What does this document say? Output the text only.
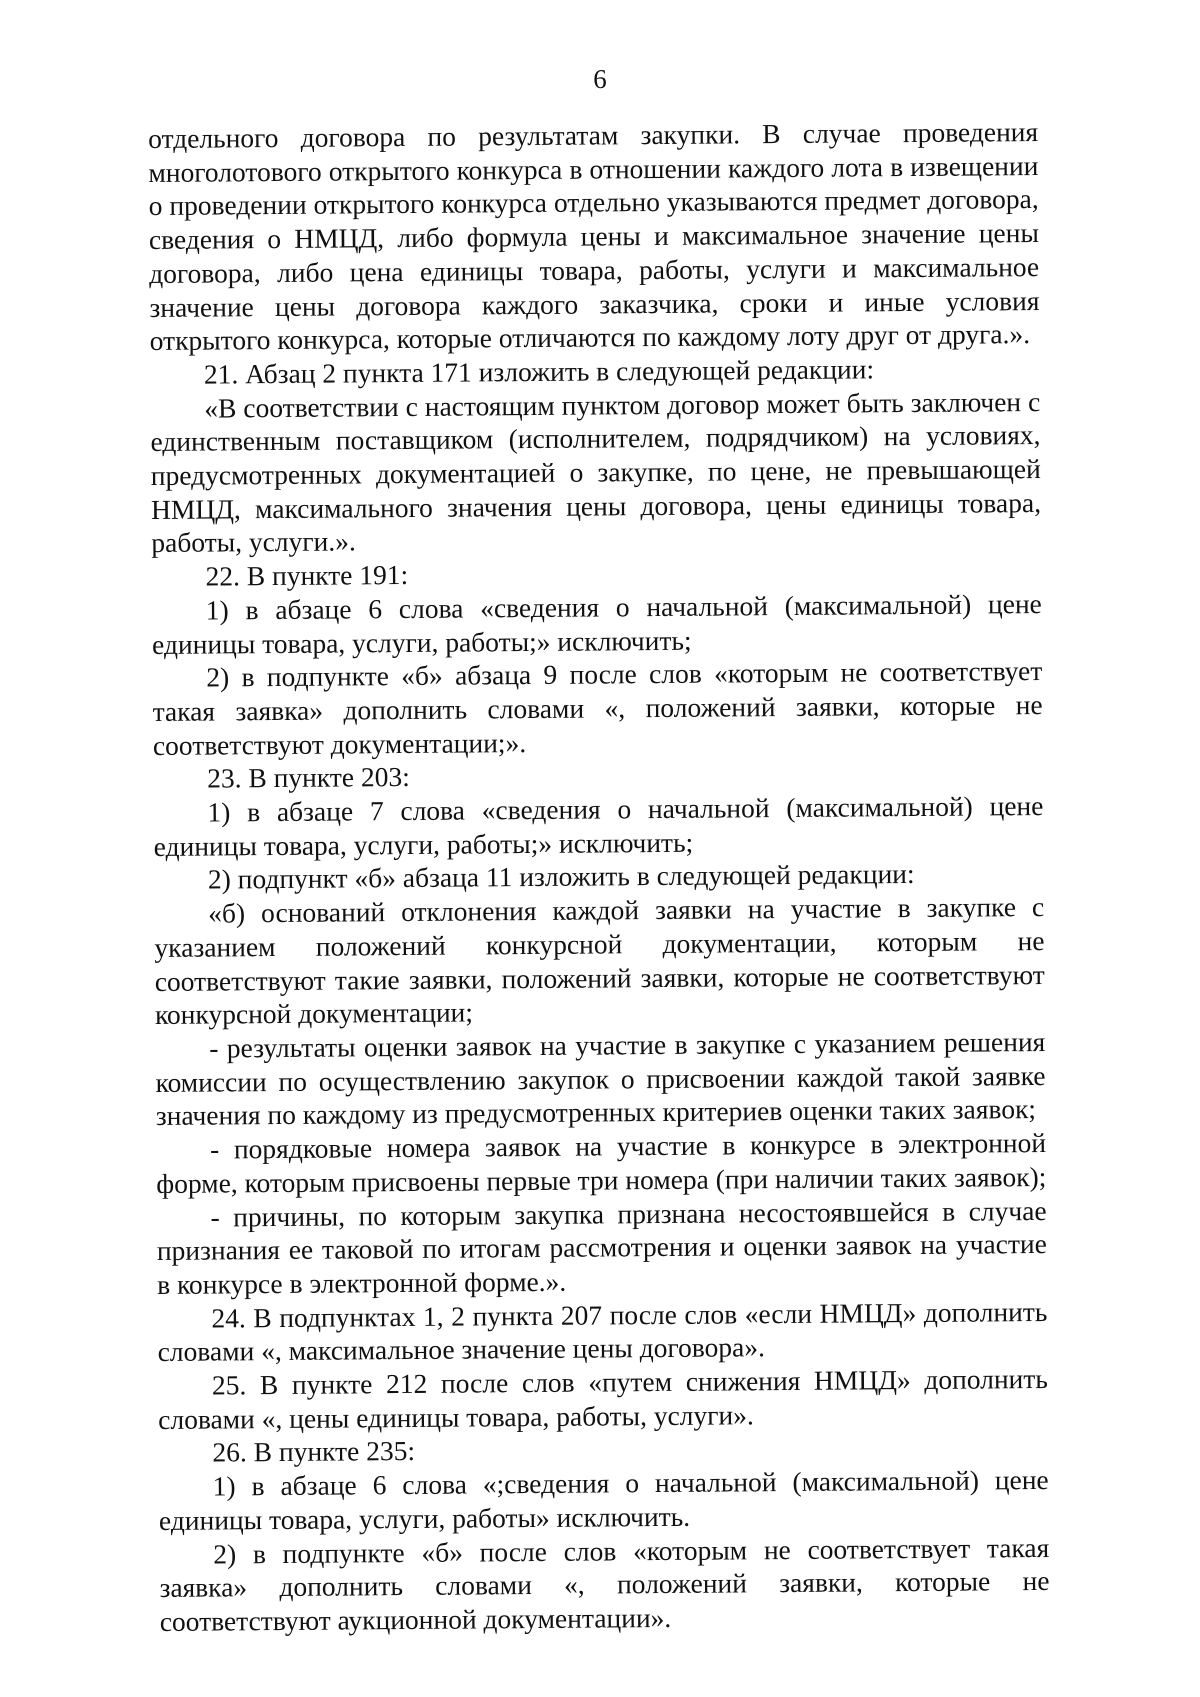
6

отдельного договора по результатам закупки. В случае проведения многолотового открытого конкурса в отношении каждого лота в извещении о проведении открытого конкурса отдельно указываются предмет договора, сведения о НМЦД, либо формула цены и максимальное значение цены договора, либо цена единицы товара, работы, услуги и максимальное значение цены договора каждого заказчика, сроки и иные условия открытого конкурса, которые отличаются по каждому лоту друг от друга.».

21. Абзац 2 пункта 171 изложить в следующей редакции:

«В соответствии с настоящим пунктом договор может быть заключен с единственным поставщиком (исполнителем, подрядчиком) на условиях, предусмотренных документацией о закупке, по цене, не превышающей НМЦД, максимального значения цены договора, цены единицы товара, работы, услуги.».

22. В пункте 191:

1) в абзаце 6 слова «сведения о начальной (максимальной) цене единицы товара, услуги, работы;» исключить;

2) в подпункте «б» абзаца 9 после слов «которым не соответствует такая заявка» дополнить словами «, положений заявки, которые не соответствуют документации;».

23. В пункте 203:

1) в абзаце 7 слова «сведения о начальной (максимальной) цене единицы товара, услуги, работы;» исключить;

2) подпункт «б» абзаца 11 изложить в следующей редакции:

«б) оснований отклонения каждой заявки на участие в закупке с указанием положений конкурсной документации, которым не соответствуют такие заявки, положений заявки, которые не соответствуют конкурсной документации;

- результаты оценки заявок на участие в закупке с указанием решения комиссии по осуществлению закупок о присвоении каждой такой заявке значения по каждому из предусмотренных критериев оценки таких заявок;

- порядковые номера заявок на участие в конкурсе в электронной форме, которым присвоены первые три номера (при наличии таких заявок);

- причины, по которым закупка признана несостоявшейся в случае признания ее таковой по итогам рассмотрения и оценки заявок на участие в конкурсе в электронной форме.».

24. В подпунктах 1, 2 пункта 207 после слов «если НМЦД» дополнить словами «, максимальное значение цены договора».

25. В пункте 212 после слов «путем снижения НМЦД» дополнить словами «, цены единицы товара, работы, услуги».

26. В пункте 235:

1) в абзаце 6 слова «;сведения о начальной (максимальной) цене единицы товара, услуги, работы» исключить.

2) в подпункте «б» после слов «которым не соответствует такая заявка» дополнить словами «, положений заявки, которые не соответствуют аукционной документации».
